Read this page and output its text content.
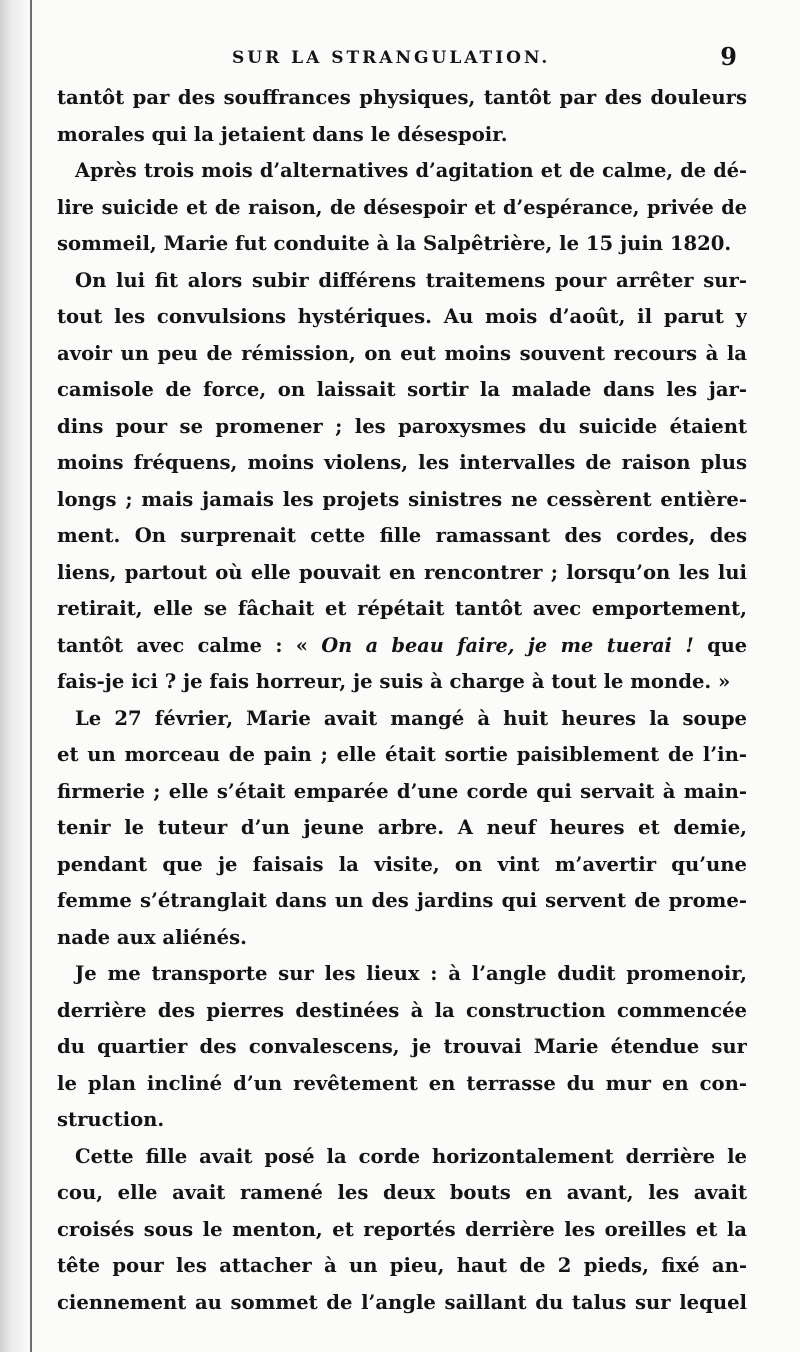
SUR LA STRANGULATION.	9
tantôt par des souffrances physiques, tantôt par des douleurs
morales qui la jetaient dans le désespoir.
Après trois mois d’alternatives d’agitation et de calme, de dé-
lire suicide et de raison, de désespoir et d’espérance, privée de
sommeil, Marie fut conduite à la Salpêtrière, le 15 juin 1820.
On lui fit alors subir différens traitemens pour arrêter sur-
tout les convulsions hystériques. Au mois d’août, il parut y
avoir un peu de rémission, on eut moins souvent recours à la
camisole de force, on laissait sortir la malade dans les jar-
dins pour se promener ; les paroxysmes du suicide étaient
moins fréquens, moins violens, les intervalles de raison plus
longs ; mais jamais les projets sinistres ne cessèrent entière-
ment. On surprenait cette fille ramassant des cordes, des
liens, partout où elle pouvait en rencontrer ; lorsqu’on les lui
retirait, elle se fâchait et répétait tantôt avec emportement,
tantôt avec calme : « On a beau faire, je me tuerai ! que
fais-je ici ? je fais horreur, je suis à charge à tout le monde. »
Le 27 février, Marie avait mangé à huit heures la soupe
et un morceau de pain ; elle était sortie paisiblement de l’in-
firmerie ; elle s’était emparée d’une corde qui servait à main-
tenir le tuteur d’un jeune arbre. A neuf heures et demie,
pendant que je faisais la visite, on vint m’avertir qu’une
femme s’étranglait dans un des jardins qui servent de prome-
nade aux aliénés.
Je me transporte sur les lieux : à l’angle dudit promenoir,
derrière des pierres destinées à la construction commencée
du quartier des convalescens, je trouvai Marie étendue sur
le plan incliné d’un revêtement en terrasse du mur en con-
struction.
Cette fille avait posé la corde horizontalement derrière le
cou, elle avait ramené les deux bouts en avant, les avait
croisés sous le menton, et reportés derrière les oreilles et la
tête pour les attacher à un pieu, haut de 2 pieds, fixé an-
ciennement au sommet de l’angle saillant du talus sur lequel
